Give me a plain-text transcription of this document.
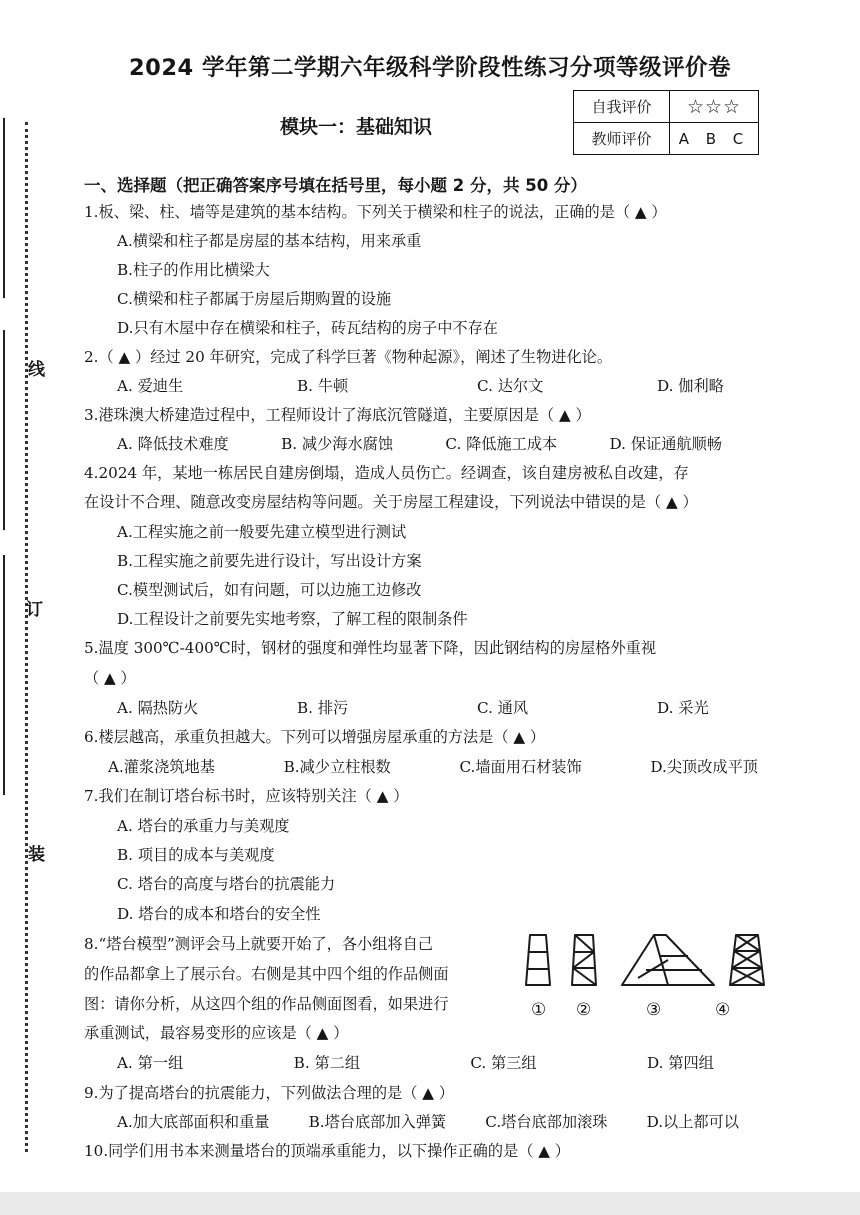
2024 学年第二学期六年级科学阶段性练习分项等级评价卷
模块一：基础知识
自我评价	☆☆☆
教师评价	A B C
线
订
装
一、选择题（把正确答案序号填在括号里，每小题 2 分，共 50 分）
1.板、梁、柱、墙等是建筑的基本结构。下列关于横梁和柱子的说法，正确的是（ ▲ ）
A.横梁和柱子都是房屋的基本结构，用来承重
B.柱子的作用比横梁大
C.横梁和柱子都属于房屋后期购置的设施
D.只有木屋中存在横梁和柱子，砖瓦结构的房子中不存在
2.（ ▲ ）经过 20 年研究，完成了科学巨著《物种起源》，阐述了生物进化论。
A. 爱迪生	B. 牛顿	C. 达尔文	D. 伽利略
3.港珠澳大桥建造过程中，工程师设计了海底沉管隧道，主要原因是（ ▲ ）
A. 降低技术难度	B. 减少海水腐蚀	C. 降低施工成本	D. 保证通航顺畅
4.2024 年，某地一栋居民自建房倒塌，造成人员伤亡。经调查，该自建房被私自改建，存
在设计不合理、随意改变房屋结构等问题。关于房屋工程建设，下列说法中错误的是（ ▲ ）
A.工程实施之前一般要先建立模型进行测试
B.工程实施之前要先进行设计，写出设计方案
C.模型测试后，如有问题，可以边施工边修改
D.工程设计之前要先实地考察，了解工程的限制条件
5.温度 300℃-400℃时，钢材的强度和弹性均显著下降，因此钢结构的房屋格外重视
（ ▲ ）
A. 隔热防火	B. 排污	C. 通风	D. 采光
6.楼层越高，承重负担越大。下列可以增强房屋承重的方法是（ ▲ ）
A.灌浆浇筑地基	B.减少立柱根数	C.墙面用石材装饰	D.尖顶改成平顶
7.我们在制订塔台标书时，应该特别关注（ ▲ ）
A. 塔台的承重力与美观度
B. 项目的成本与美观度
C. 塔台的高度与塔台的抗震能力
D. 塔台的成本和塔台的安全性
8.“塔台模型”测评会马上就要开始了，各小组将自己
的作品都拿上了展示台。右侧是其中四个组的作品侧面
图：请你分析，从这四个组的作品侧面图看，如果进行
承重测试，最容易变形的应该是（ ▲ ）
① ②	③	④
A. 第一组	B. 第二组	C. 第三组	D. 第四组
9.为了提高塔台的抗震能力，下列做法合理的是（ ▲ ）
A.加大底部面积和重量	B.塔台底部加入弹簧	C.塔台底部加滚珠	D.以上都可以
10.同学们用书本来测量塔台的顶端承重能力，以下操作正确的是（ ▲ ）
